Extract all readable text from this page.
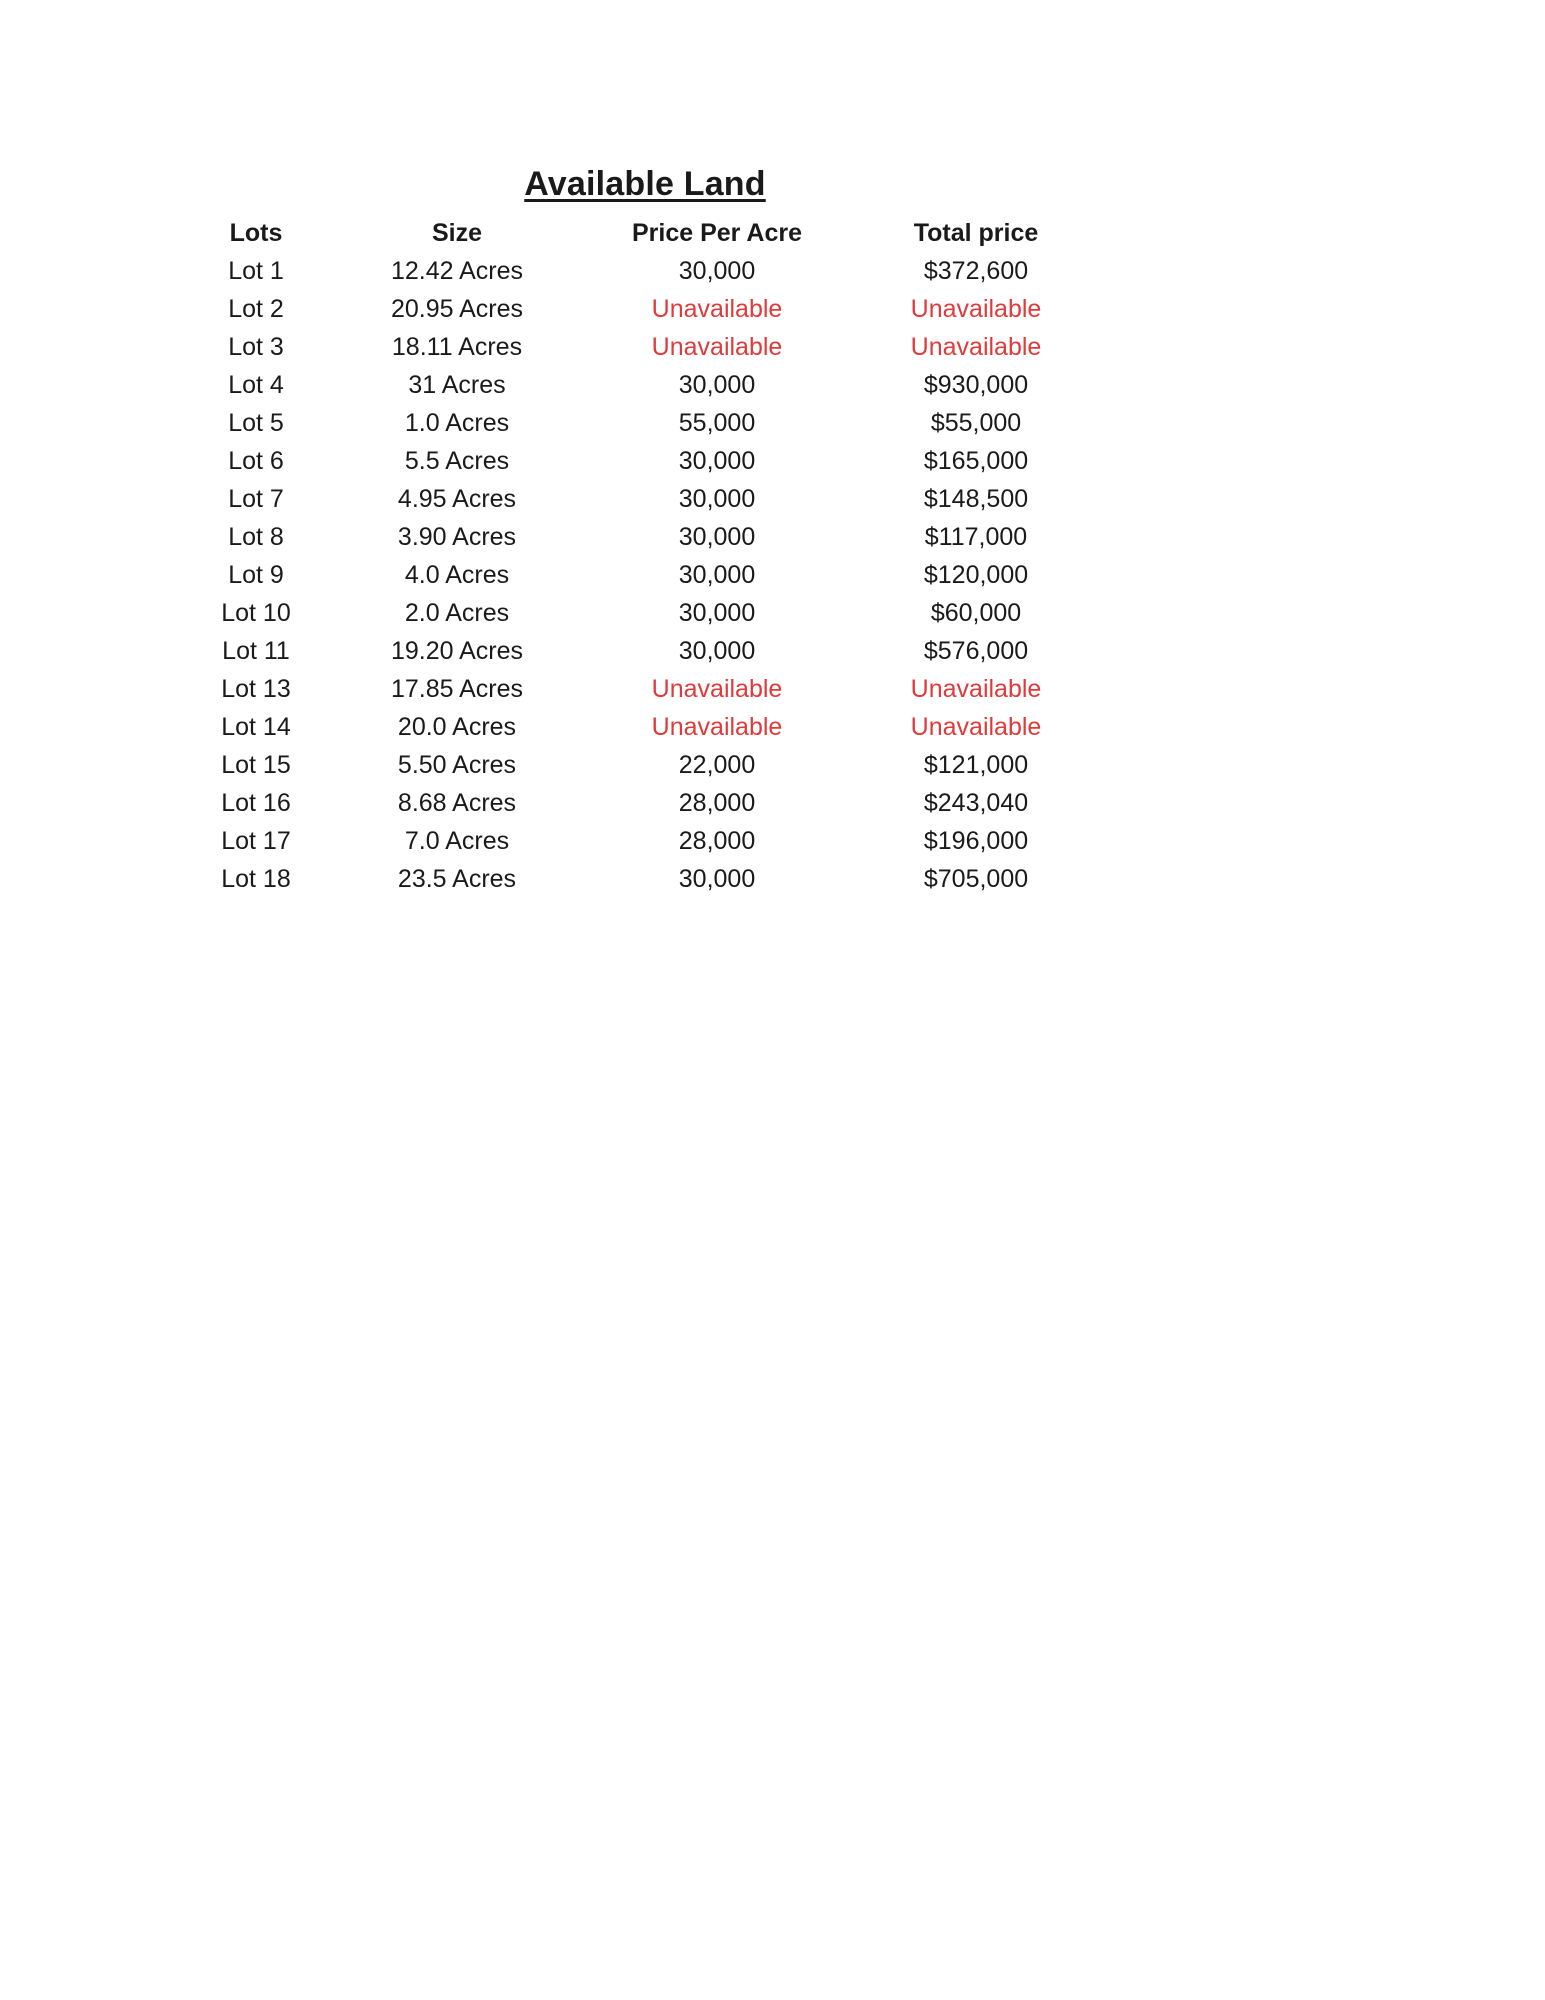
Available Land
Lots	Size	Price Per Acre	Total price
Lot 1	12.42 Acres	30,000	$372,600
Lot 2	20.95 Acres	Unavailable	Unavailable
Lot 3	18.11 Acres	Unavailable	Unavailable
Lot 4	31 Acres	30,000	$930,000
Lot 5	1.0 Acres	55,000	$55,000
Lot 6	5.5 Acres	30,000	$165,000
Lot 7	4.95 Acres	30,000	$148,500
Lot 8	3.90 Acres	30,000	$117,000
Lot 9	4.0 Acres	30,000	$120,000
Lot 10	2.0 Acres	30,000	$60,000
Lot 11	19.20 Acres	30,000	$576,000
Lot 13	17.85 Acres	Unavailable	Unavailable
Lot 14	20.0 Acres	Unavailable	Unavailable
Lot 15	5.50 Acres	22,000	$121,000
Lot 16	8.68 Acres	28,000	$243,040
Lot 17	7.0 Acres	28,000	$196,000
Lot 18	23.5 Acres	30,000	$705,000
